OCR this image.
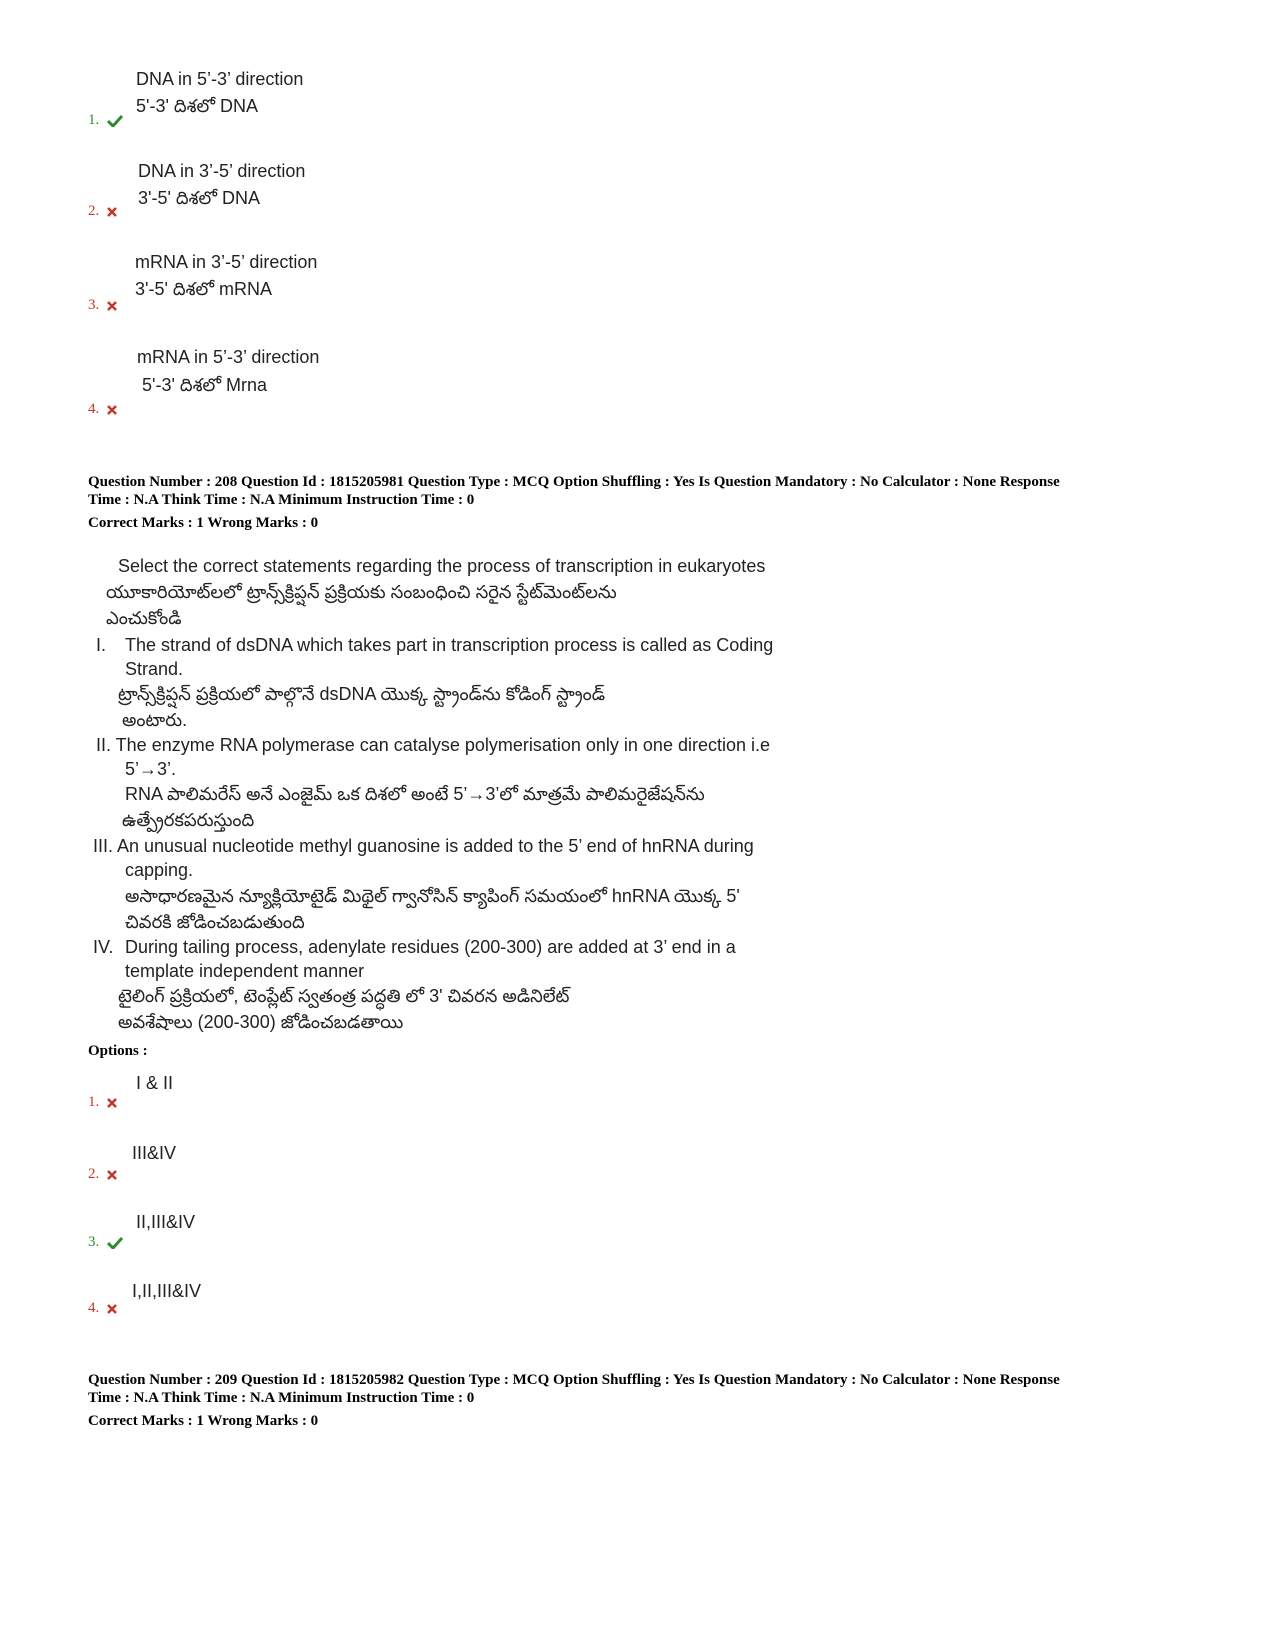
DNA in 5’-3’ direction
5'-3' దిశలో DNA
1.
DNA in 3’-5’ direction
3'-5' దిశలో DNA
2.
mRNA in 3’-5’ direction
3'-5' దిశలో mRNA
3.
mRNA in 5’-3’ direction
5'-3' దిశలో Mrna
4.
Question Number : 208 Question Id : 1815205981 Question Type : MCQ Option Shuffling : Yes Is Question Mandatory : No Calculator : None Response
Time : N.A Think Time : N.A Minimum Instruction Time : 0
Correct Marks : 1 Wrong Marks : 0
Select the correct statements regarding the process of transcription in eukaryotes
యూకారియోట్‌లలో ట్రాన్స్‌క్రిప్షన్ ప్రక్రియకు సంబంధించి సరైన స్టేట్‌మెంట్‌లను
ఎంచుకోండి
I. The strand of dsDNA which takes part in transcription process is called as Coding
Strand.
ట్రాన్స్‌క్రిప్షన్ ప్రక్రియలో పాల్గొనే dsDNA యొక్క స్ట్రాండ్‌ను కోడింగ్ స్ట్రాండ్
అంటారు.
II. The enzyme RNA polymerase can catalyse polymerisation only in one direction i.e
5’→3’.
RNA పాలిమరేస్ అనే ఎంజైమ్ ఒక దిశలో అంటే 5’→3’లో మాత్రమే పాలిమరైజేషన్‌ను
ఉత్ప్రేరకపరుస్తుంది
III. An unusual nucleotide methyl guanosine is added to the 5’ end of hnRNA during
capping.
అసాధారణమైన న్యూక్లియోటైడ్ మిథైల్ గ్వానోసిన్ క్యాపింగ్ సమయంలో hnRNA యొక్క 5'
చివరకి జోడించబడుతుంది
IV. During tailing process, adenylate residues (200-300) are added at 3’ end in a
template independent manner
టైలింగ్ ప్రక్రియలో, టెంప్లేట్ స్వతంత్ర పద్ధతి లో 3' చివరన అడినిలేట్
అవశేషాలు (200-300) జోడించబడతాయి
Options :
I & II
1.
III&IV
2.
II,III&IV
3.
I,II,III&IV
4.
Question Number : 209 Question Id : 1815205982 Question Type : MCQ Option Shuffling : Yes Is Question Mandatory : No Calculator : None Response
Time : N.A Think Time : N.A Minimum Instruction Time : 0
Correct Marks : 1 Wrong Marks : 0
